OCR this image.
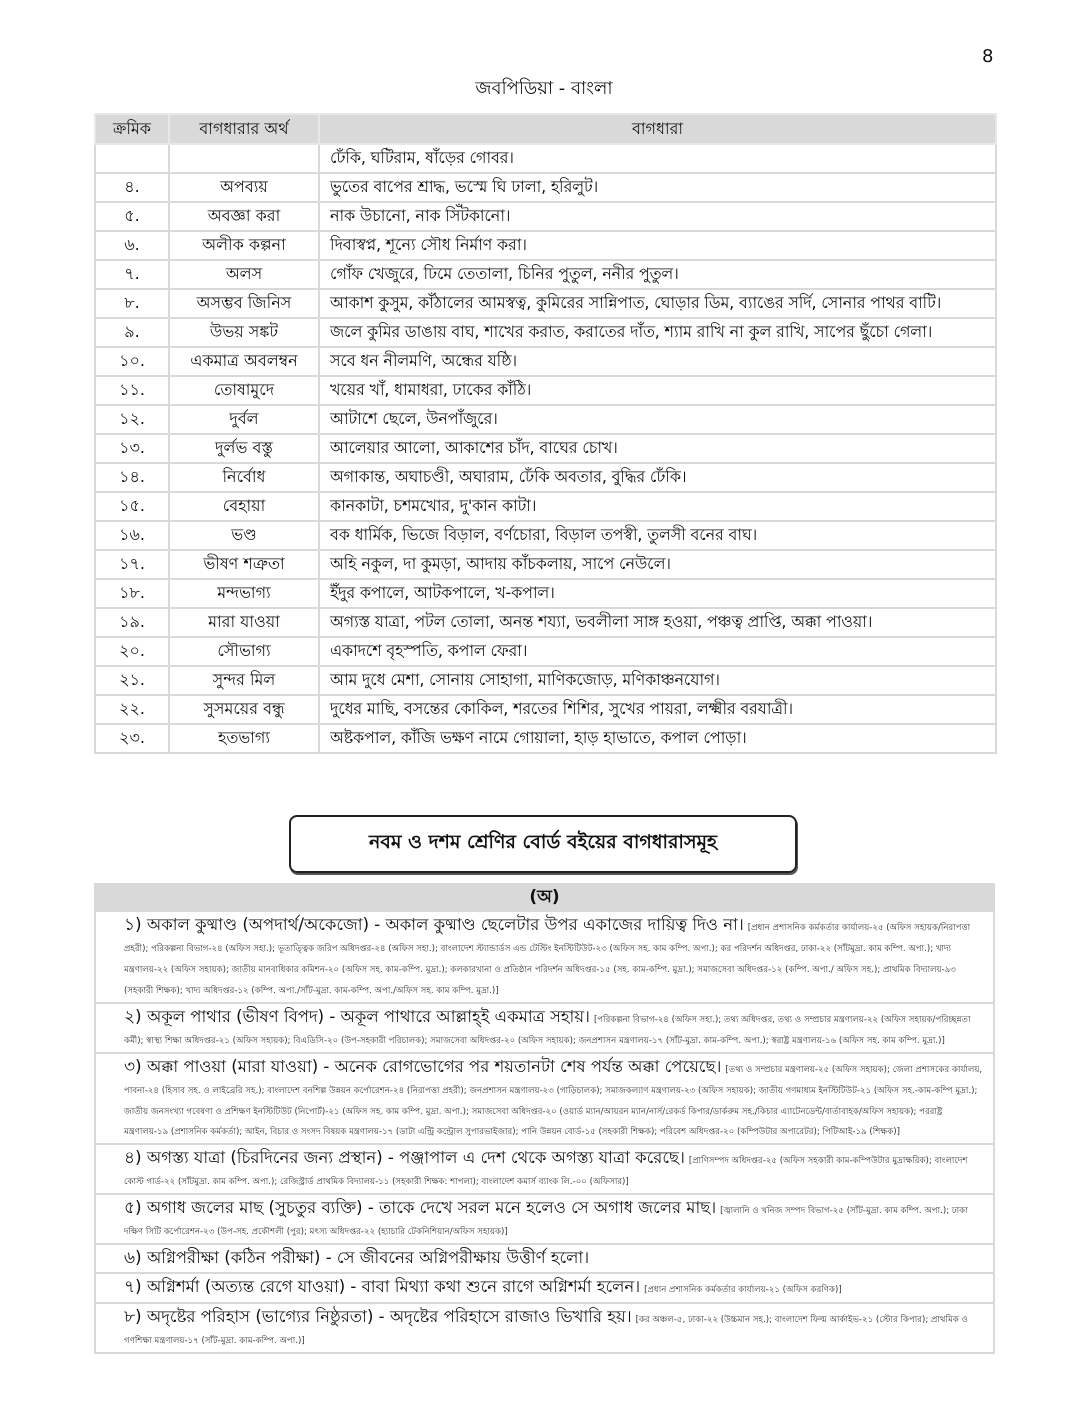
8
জবপিডিয়া - বাংলা
ক্রমিক	বাগধারার অর্থ	বাগধারা
		ঢেঁকি, ঘটিরাম, ষাঁড়ের গোবর।
৪.	অপব্যয়	ভুতের বাপের শ্রাদ্ধ, ভস্মে ঘি ঢালা, হরিলুট।
৫.	অবজ্ঞা করা	নাক উচানো, নাক সিঁটকানো।
৬.	অলীক কল্পনা	দিবাস্বপ্ন, শূন্যে সৌধ নির্মাণ করা।
৭.	অলস	গোঁফ খেজুরে, ঢিমে তেতালা, চিনির পুতুল, ননীর পুতুল।
৮.	অসম্ভব জিনিস	আকাশ কুসুম, কাঁঠালের আমস্বত্ব, কুমিরের সান্নিপাত, ঘোড়ার ডিম, ব্যাঙের সর্দি, সোনার পাথর বাটি।
৯.	উভয় সঙ্কট	জলে কুমির ডাঙায় বাঘ, শাখের করাত, করাতের দাঁত, শ্যাম রাখি না কুল রাখি, সাপের ছুঁচো গেলা।
১০.	একমাত্র অবলম্বন	সবে ধন নীলমণি, অন্ধের যষ্ঠি।
১১.	তোষামুদে	খয়ের খাঁ, ধামাধরা, ঢাকের কাঁঠি।
১২.	দুর্বল	আটাশে ছেলে, উনপাঁজুরে।
১৩.	দুর্লভ বস্তু	আলেয়ার আলো, আকাশের চাঁদ, বাঘের চোখ।
১৪.	নির্বোধ	অগাকান্ত, অঘাচণ্ডী, অঘারাম, ঢেঁকি অবতার, বুদ্ধির ঢেঁকি।
১৫.	বেহায়া	কানকাটা, চশমখোর, দু'কান কাটা।
১৬.	ভণ্ড	বক ধার্মিক, ভিজে বিড়াল, বর্ণচোরা, বিড়াল তপস্বী, তুলসী বনের বাঘ।
১৭.	ভীষণ শত্রুতা	অহি নকুল, দা কুমড়া, আদায় কাঁচকলায়, সাপে নেউলে।
১৮.	মন্দভাগ্য	ইঁদুর কপালে, আটকপালে, খ-কপাল।
১৯.	মারা যাওয়া	অগ্যস্ত যাত্রা, পটল তোলা, অনন্ত শয্যা, ভবলীলা সাঙ্গ হওয়া, পঞ্চত্ব প্রাপ্তি, অক্কা পাওয়া।
২০.	সৌভাগ্য	একাদশে বৃহস্পতি, কপাল ফেরা।
২১.	সুন্দর মিল	আম দুধে মেশা, সোনায় সোহাগা, মাণিকজোড়, মণিকাঞ্চনযোগ।
২২.	সুসময়ের বন্ধু	দুধের মাছি, বসন্তের কোকিল, শরতের শিশির, সুখের পায়রা, লক্ষ্মীর বরযাত্রী।
২৩.	হতভাগ্য	অষ্টকপাল, কাঁজি ভক্ষণ নামে গোয়ালা, হাড় হাভাতে, কপাল পোড়া।
নবম ও দশম শ্রেণির বোর্ড বইয়ের বাগধারাসমূহ
(অ)
১) অকাল কুষ্মাণ্ড (অপদার্থ/অকেজো) - অকাল কুষ্মাণ্ড ছেলেটার উপর একাজের দায়িত্ব দিও না। [প্রধান প্রশাসনিক কর্মকর্তার কার্যালয়-২৫ (অফিস সহায়ক/নিরাপত্তা প্রহরী); পরিকল্পনা বিভাগ-২৪ (অফিস সহা.); ভূতাত্ত্বিক জরিপ অধিদপ্তর-২৪ (অফিস সহা.); বাংলাদেশ স্ট্যান্ডার্ডস এন্ড টেস্টিং ইনস্টিটিউট-২৩ (অফিস সহ. কাম কম্পি. অপা.); কর পরিদর্শন অধিদপ্তর, ঢাকা-২২ (সাঁটমুদ্রা. কাম কম্পি. অপা.); খাদ্য মন্ত্রণালয়-২২ (অফিস সহায়ক); জাতীয় মানবাধিকার কমিশন-২০ (অফিস সহ. কাম-কম্পি. মুদ্রা.); কলকারখানা ও প্রতিষ্ঠান পরিদর্শন অধিদপ্তর-১৫ (সহ. কাম-কম্পি. মুদ্রা.); সমাজসেবা অধিদপ্তর-১২ (কম্পি. অপা./ অফিস সহ.); প্রাথমিক বিদ্যালয়-৯৩ (সহকারী শিক্ষক); খাদ্য অধিদপ্তর-১২ (কম্পি. অপা./সাঁট-মুদ্রা. কাম-কম্পি. অপা./অফিস সহ. কাম কম্পি. মুদ্রা.)]
২) অকূল পাথার (ভীষণ বিপদ) - অকূল পাথারে আল্লাহ্ই একমাত্র সহায়। [পরিকল্পনা বিভাগ-২৪ (অফিস সহা.); তথ্য অধিদপ্তর, তথ্য ও সম্প্রচার মন্ত্রণালয়-২২ (অফিস সহায়ক/পরিচ্ছন্নতা কর্মী); স্বাস্থ্য শিক্ষা অধিদপ্তর-২১ (অফিস সহায়ক); বিএডিসি-২০ (উপ-সহকারী পরিচালক); সমাজসেবা অধিদপ্তর-২০ (অফিস সহায়ক); জনপ্রশাসন মন্ত্রণালয়-১৭ (সাঁট-মুদ্রা. কাম-কম্পি. অপা.); স্বরাষ্ট্র মন্ত্রণালয়-১৬ (অফিস সহ. কাম কম্পি. মুদ্রা.)]
৩) অক্কা পাওয়া (মারা যাওয়া) - অনেক রোগভোগের পর শয়তানটা শেষ পর্যন্ত অক্কা পেয়েছে। [তথ্য ও সম্প্রচার মন্ত্রণালয়-২৫ (অফিস সহায়ক); জেলা প্রশাসকের কার্যালয়, পাবনা-২৪ (হিসাব সহ. ও লাইব্রেরি সহ.); বাংলাদেশ বনশিল্প উন্নয়ন কর্পোরেশন-২৪ (নিরাপত্তা প্রহরী); জনপ্রশাসন মন্ত্রণালয়-২৩ (গাড়িচালক); সমাজকল্যাণ মন্ত্রণালয়-২৩ (অফিস সহায়ক); জাতীয় গণমাধ্যম ইনস্টিটিউট-২১ (অফিস সহ.-কাম-কম্পি মুদ্রা.); জাতীয় জনসংখ্যা গবেষণা ও প্রশিক্ষণ ইনস্টিটিউট (নিপোর্ট)-২১ (অফিস সহ. কাম কম্পি. মুদ্রা. অপা.); সমাজসেবা অধিদপ্তর-২০ (ওয়ার্ড ম্যান/আয়রন ম্যান/নার্স/রেকর্ড কিপার/ডার্করুম সহ./কিচার এ্যাটেনডেন্ট/বার্তাবাহক/অফিস সহায়ক); পররাষ্ট্র মন্ত্রণালয়-১৯ (প্রশাসনিক কর্মকর্তা); আইন, বিচার ও সংসদ বিষয়ক মন্ত্রণালয়-১৭ (ডাটা এন্ট্রি কন্ট্রোল সুপারভাইজার); পানি উন্নয়ন বোর্ড-১৫ (সহকারী শিক্ষক); পরিবেশ অধিদপ্তর-২০ (কম্পিউটার অপারেটর); পিটিআই-১৯ (শিক্ষক)]
৪) অগস্ত্য যাত্রা (চিরদিনের জন্য প্রস্থান) - পঞ্জাপাল এ দেশ থেকে অগস্ত্য যাত্রা করেছে। [প্রাণিসম্পদ অধিদপ্তর-২৫ (অফিস সহকারী কাম-কম্পিউটার মুদ্রাক্ষরিক); বাংলাদেশ কোস্ট গার্ড-২২ (সাঁটমুদ্রা. কাম কম্পি. অপা.); রেজিস্ট্রার্ড প্রাথমিক বিদ্যালয়-১১ (সহকারী শিক্ষক: শাপলা); বাংলাদেশ কমার্স ব্যাংক লি.-০০ (অফিসার)]
৫) অগাধ জলের মাছ (সুচতুর ব্যক্তি) - তাকে দেখে সরল মনে হলেও সে অগাধ জলের মাছ। [জ্বালানি ও খনিজ সম্পদ বিভাগ-২৫ (সাঁট-মুদ্রা. কাম কম্পি. অপা.); ঢাকা দক্ষিণ সিটি কর্পোরেশন-২৩ (উপ-সহ. প্রকৌশলী (পুর); মৎস্য অধিদপ্তর-২২ (হ্যাচারি টেকনিশিয়ান/অফিস সহায়ক)]
৬) অগ্নিপরীক্ষা (কঠিন পরীক্ষা) - সে জীবনের অগ্নিপরীক্ষায় উত্তীর্ণ হলো।
৭) অগ্নিশর্মা (অত্যন্ত রেগে যাওয়া) - বাবা মিথ্যা কথা শুনে রাগে অগ্নিশর্মা হলেন। [প্রধান প্রশাসনিক কর্মকর্তার কার্যালয়-২১ (অফিস করণিক)]
৮) অদৃষ্টের পরিহাস (ভাগ্যের নিষ্ঠুরতা) - অদৃষ্টের পরিহাসে রাজাও ভিখারি হয়। [কর অঞ্চল-৫, ঢাকা-২২ (উচ্চমান সহ.); বাংলাদেশ ফিল্ম আর্কাইভ-২১ (স্টোর কিপার); প্রাথমিক ও গণশিক্ষা মন্ত্রণালয়-১৭ (সাঁট-মুদ্রা. কাম-কম্পি. অপা.)]
